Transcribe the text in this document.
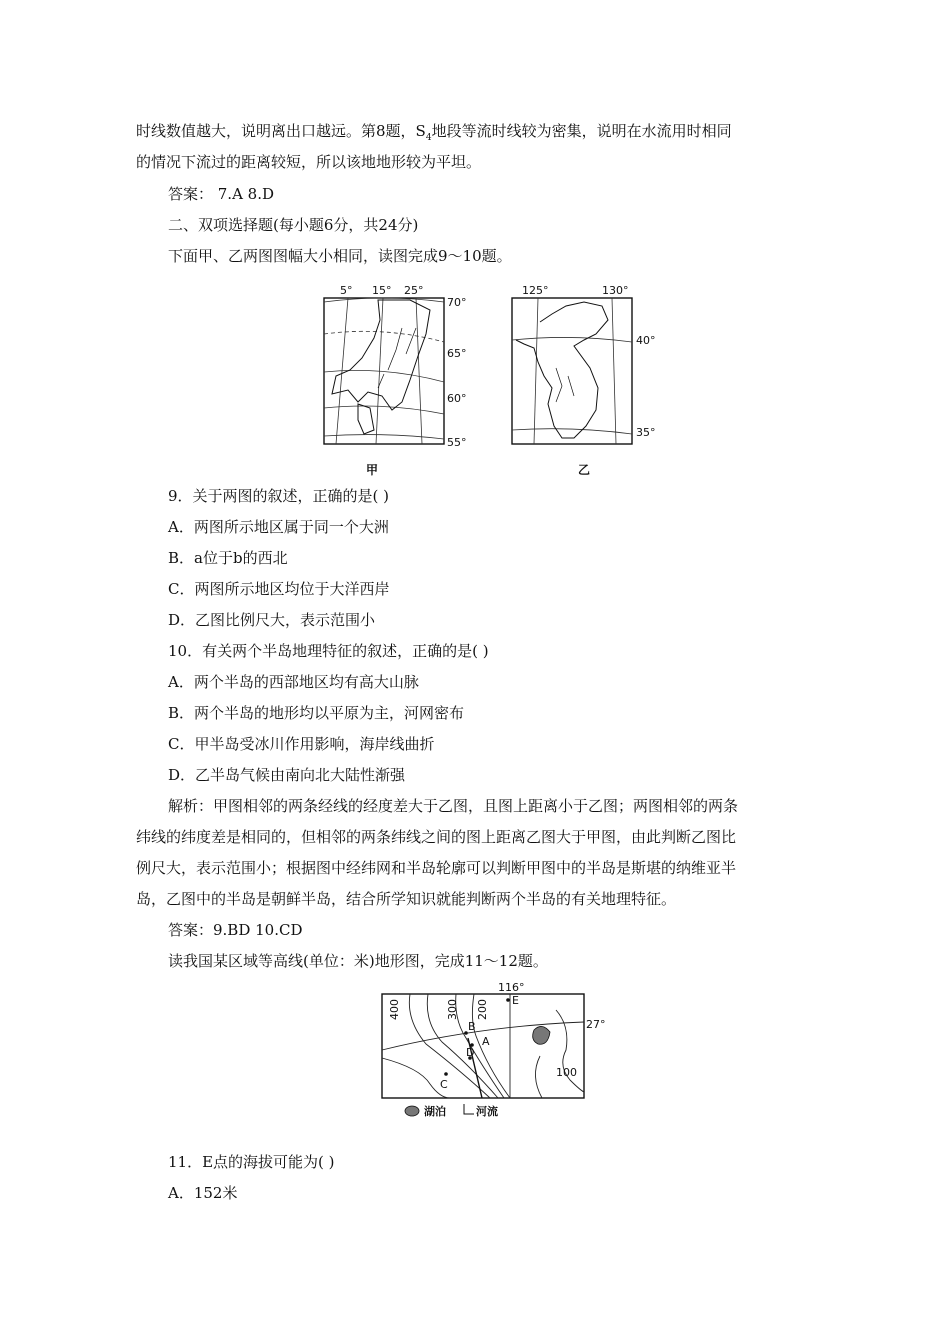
时线数值越大，说明离出口越远。第8题，$S_4$地段等流时线较为密集，说明在水流用时相同
的情况下流过的距离较短，所以该地地形较为平坦。
答案： 7.A 8.D
二、双项选择题(每小题6分，共24分)
下面甲、乙两图图幅大小相同，读图完成9～10题。
5° 15° 25°
70°
65°
60°
55°
甲
125°	130°
40°
35°
乙
9．关于两图的叙述，正确的是( )
A．两图所示地区属于同一个大洲
B．a位于b的西北
C．两图所示地区均位于大洋西岸
D．乙图比例尺大，表示范围小
10．有关两个半岛地理特征的叙述，正确的是( )
A．两个半岛的西部地区均有高大山脉
B．两个半岛的地形均以平原为主，河网密布
C．甲半岛受冰川作用影响，海岸线曲折
D．乙半岛气候由南向北大陆性渐强
解析：甲图相邻的两条经线的经度差大于乙图，且图上距离小于乙图；两图相邻的两条
纬线的纬度差是相同的，但相邻的两条纬线之间的图上距离乙图大于甲图，由此判断乙图比
例尺大，表示范围小；根据图中经纬网和半岛轮廓可以判断甲图中的半岛是斯堪的纳维亚半
岛，乙图中的半岛是朝鲜半岛，结合所学知识就能判断两个半岛的有关地理特征。
答案：9.BD 10.CD
读我国某区域等高线(单位：米)地形图，完成11～12题。
116°
27°
400	300 200
100
A
B
C
D
E
湖泊	河流
11．E点的海拔可能为( )
A．152米
